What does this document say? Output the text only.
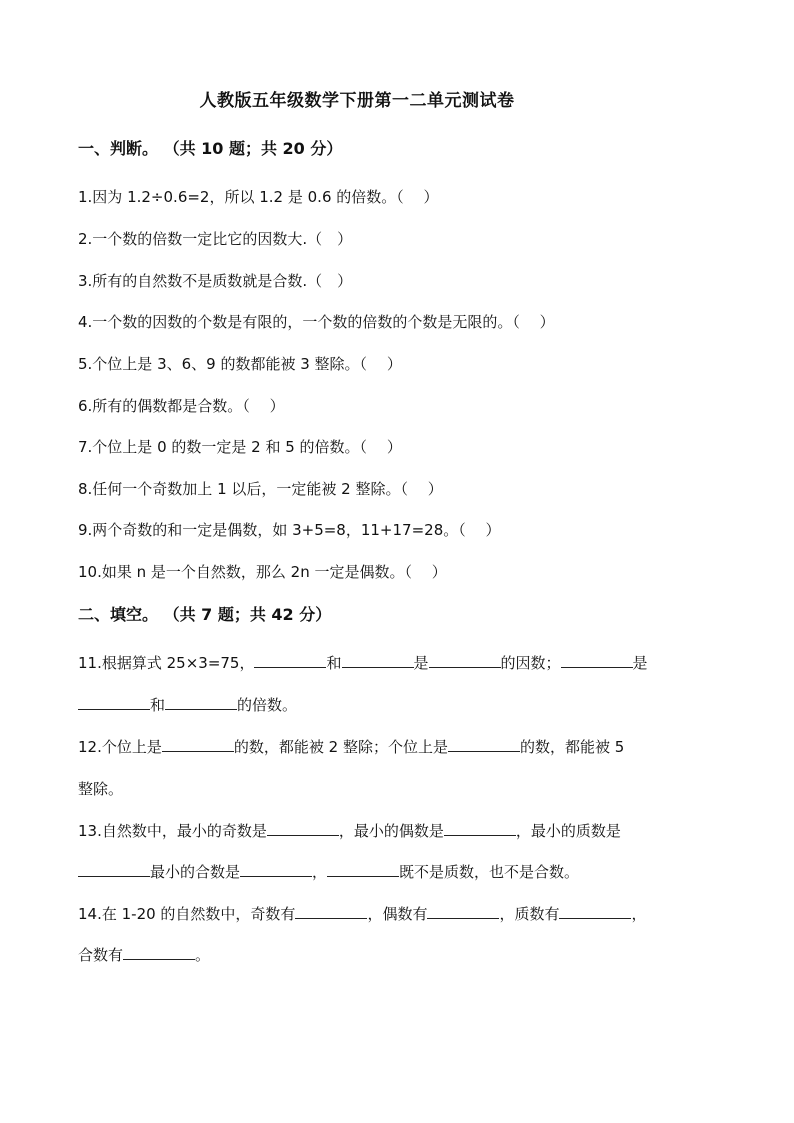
人教版五年级数学下册第一二单元测试卷
一、判断。 （共 10 题；共 20 分）
1.因为 1.2÷0.6=2，所以 1.2 是 0.6 的倍数。（　 ）
2.一个数的倍数一定比它的因数大.（　）
3.所有的自然数不是质数就是合数.（　）
4.一个数的因数的个数是有限的，一个数的倍数的个数是无限的。（　 ）
5.个位上是 3、6、9 的数都能被 3 整除。（　 ）
6.所有的偶数都是合数。（　 ）
7.个位上是 0 的数一定是 2 和 5 的倍数。（　 ）
8.任何一个奇数加上 1 以后，一定能被 2 整除。（　 ）
9.两个奇数的和一定是偶数，如 3+5=8，11+17=28。（　 ）
10.如果 n 是一个自然数，那么 2n 一定是偶数。（　 ）
二、填空。 （共 7 题；共 42 分）
11.根据算式 25×3=75，	和	是	的因数；	是
和	的倍数。
12.个位上是	的数，都能被 2 整除；个位上是	的数，都能被 5
整除。
13.自然数中，最小的奇数是	，最小的偶数是	，最小的质数是
最小的合数是	，	既不是质数，也不是合数。
14.在 1-20 的自然数中，奇数有	，偶数有	，质数有	，
合数有	。
